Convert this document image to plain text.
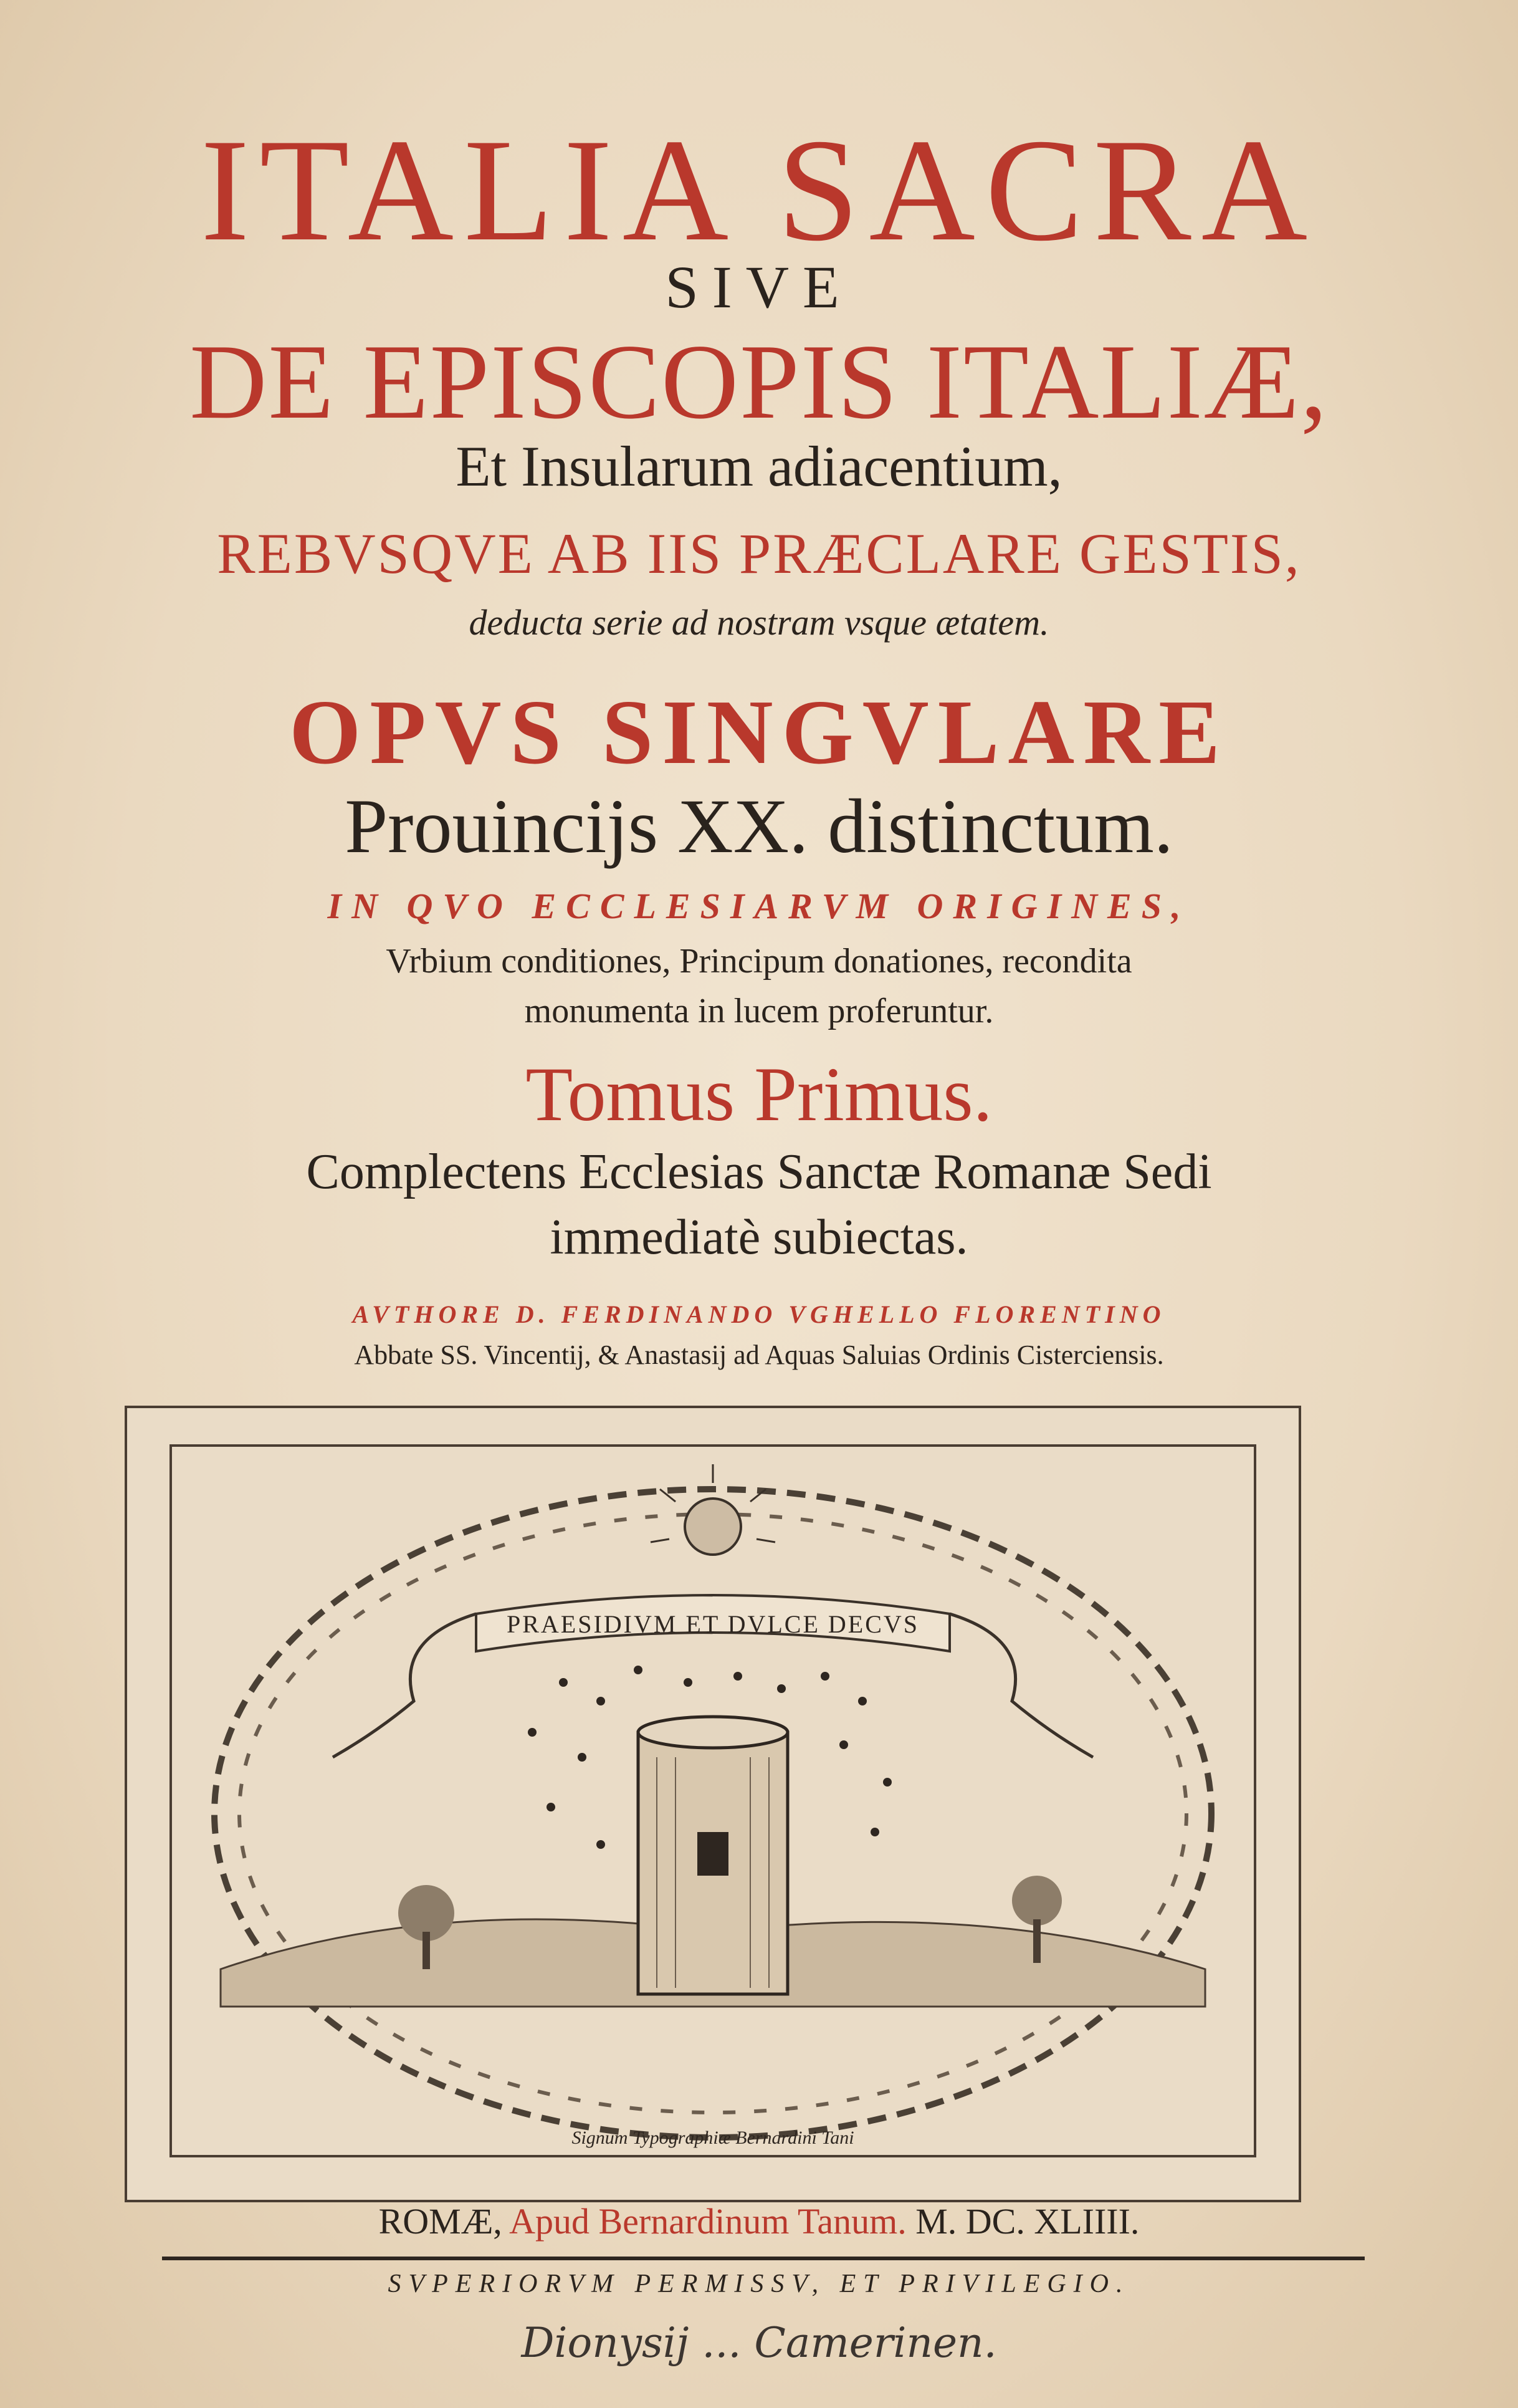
ITALIA SACRA
SIVE
DE EPISCOPIS ITALIÆ,
Et Insularum adiacentium,
REBVSQVE AB IIS PRÆCLARE GESTIS,
deducta serie ad nostram vsque ætatem.
OPVS SINGVLARE
Prouincijs XX. distinctum.
IN QVO ECCLESIARVM ORIGINES,
Vrbium conditiones, Principum donationes, recondita
monumenta in lucem proferuntur.
Tomus Primus.
Complectens Ecclesias Sanctæ Romanæ Sedi
immediatè subiectas.
AVTHORE D. FERDINANDO VGHELLO FLORENTINO
Abbate SS. Vincentij, & Anastasij ad Aquas Saluias Ordinis Cisterciensis.
PRAESIDIVM ET DVLCE DECVS
Signum Typographiæ Bernardini Tani
ROMÆ, Apud Bernardinum Tanum. M. DC. XLIIII.
SVPERIORVM PERMISSV, ET PRIVILEGIO.
Dionysij ... Camerinen.
